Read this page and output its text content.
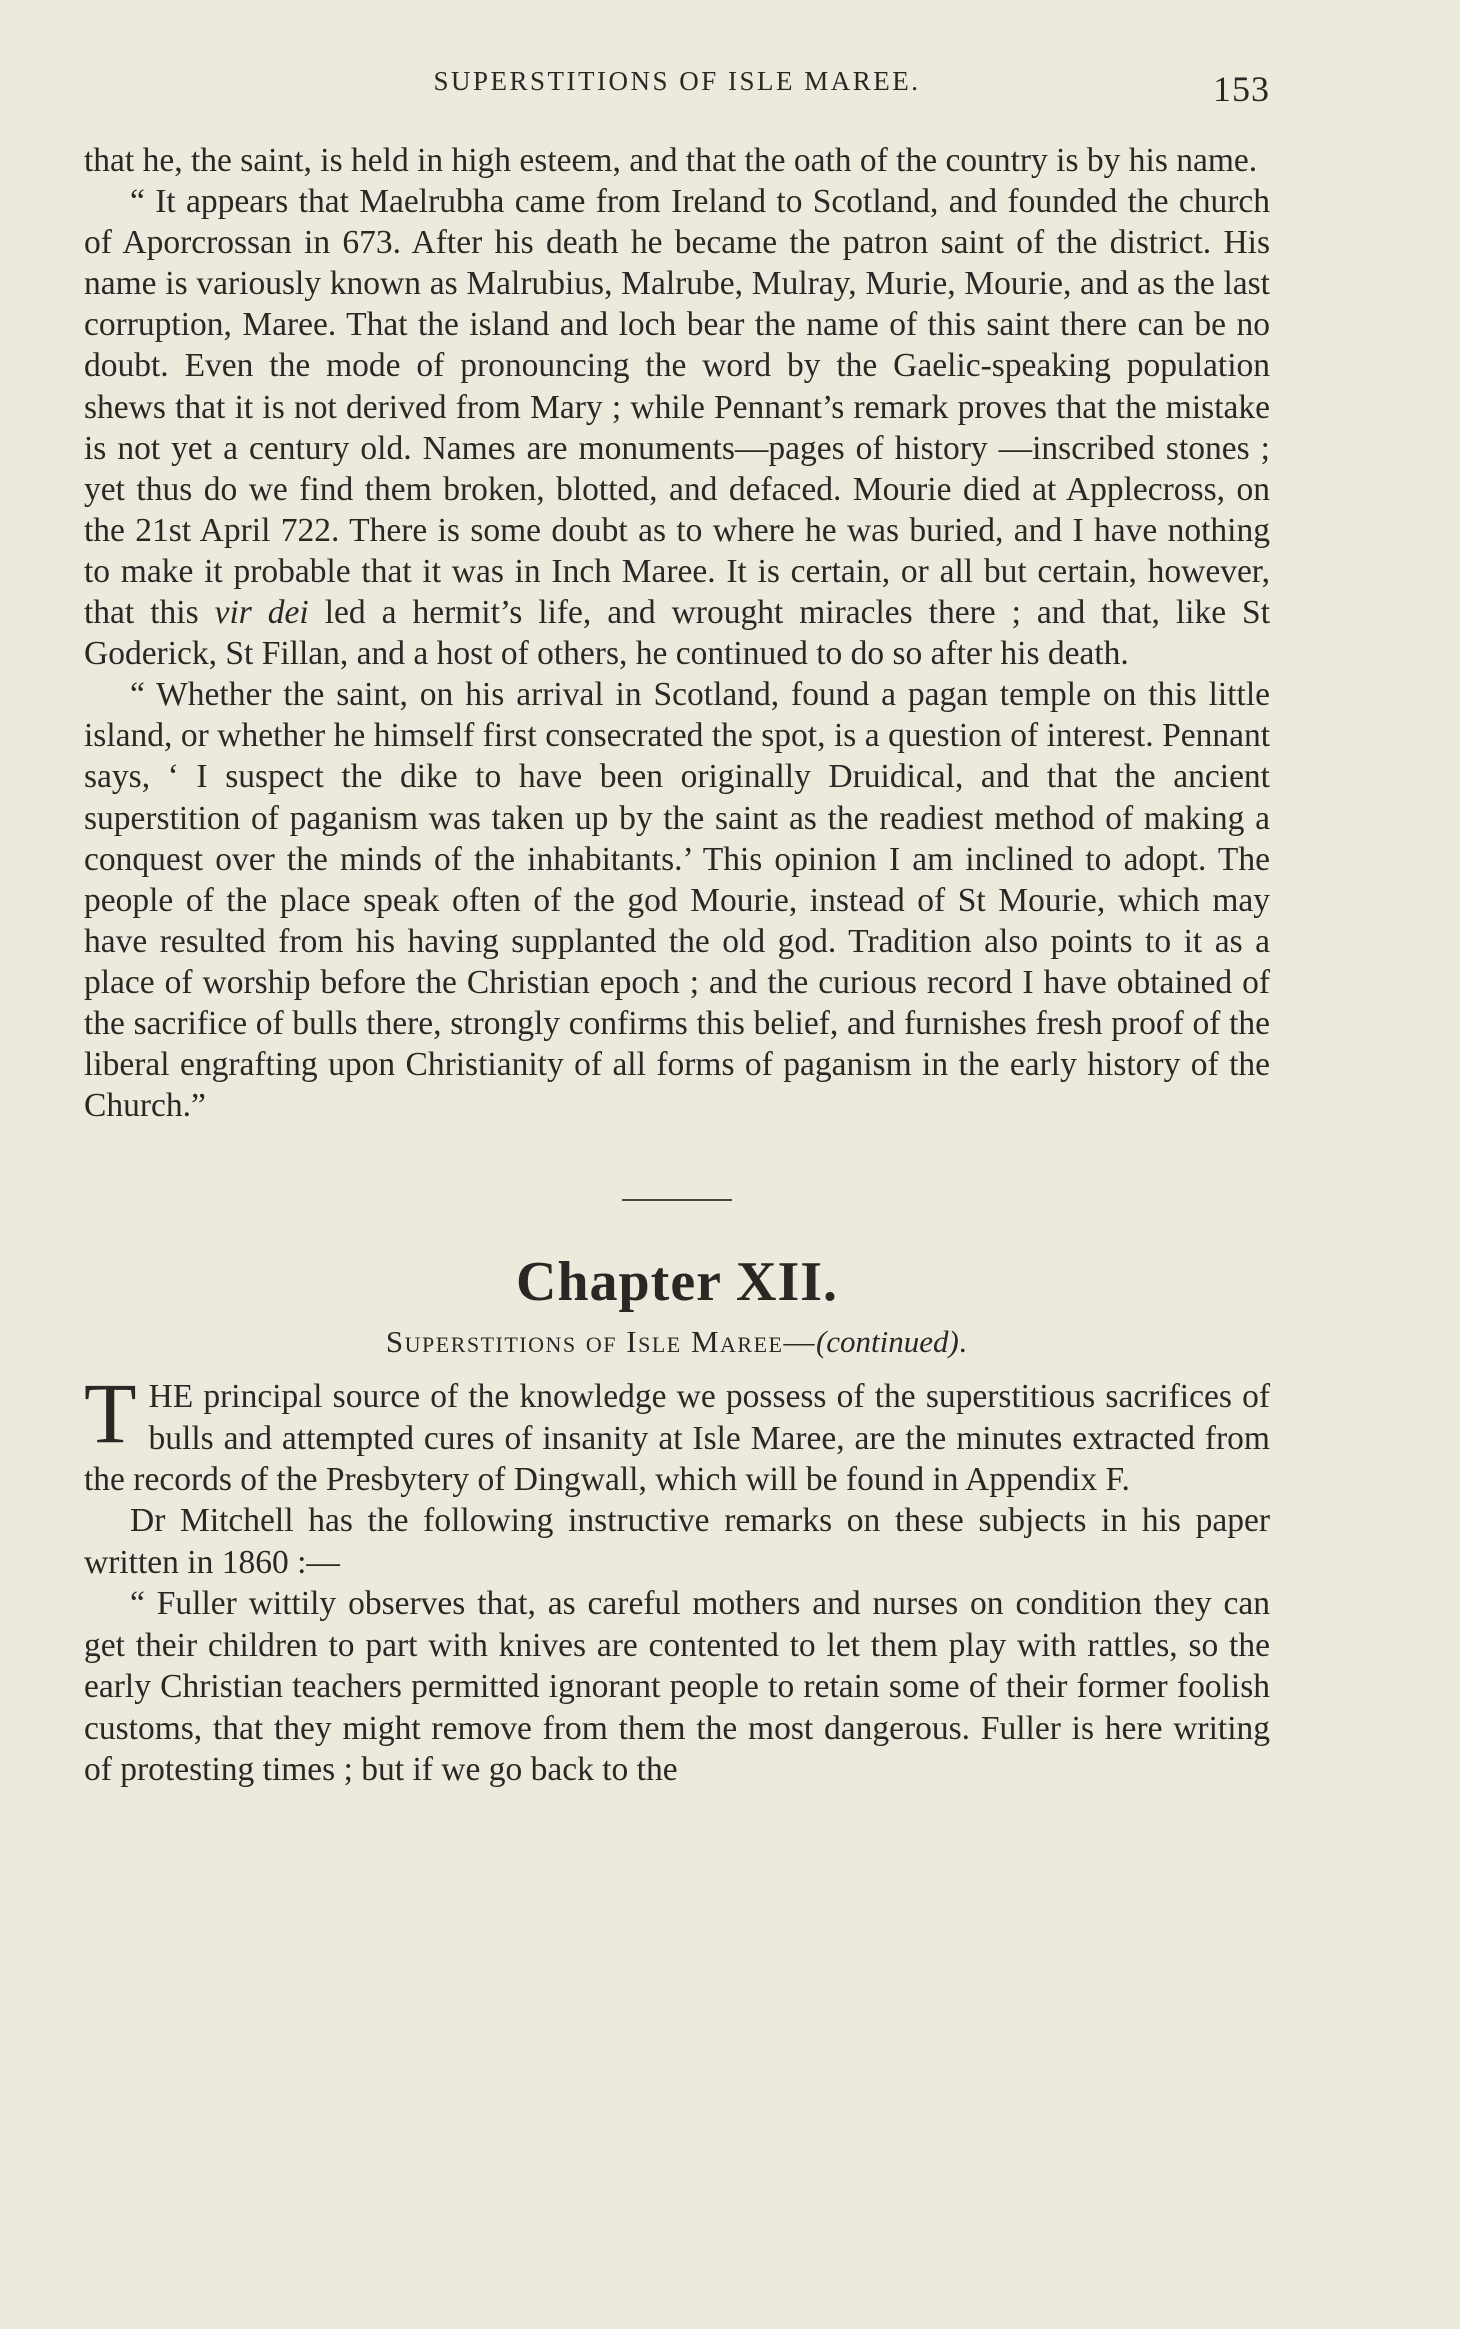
SUPERSTITIONS OF ISLE MAREE.	153

that he, the saint, is held in high esteem, and that the oath of the country is by his name.

“ It appears that Maelrubha came from Ireland to Scotland, and founded the church of Aporcrossan in 673. After his death he became the patron saint of the district. His name is variously known as Malrubius, Malrube, Mulray, Murie, Mourie, and as the last corruption, Maree. That the island and loch bear the name of this saint there can be no doubt. Even the mode of pronouncing the word by the Gaelic-speaking population shews that it is not derived from Mary ; while Pennant’s remark proves that the mistake is not yet a century old. Names are monuments—pages of history —inscribed stones ; yet thus do we find them broken, blotted, and defaced. Mourie died at Applecross, on the 21st April 722. There is some doubt as to where he was buried, and I have nothing to make it probable that it was in Inch Maree. It is certain, or all but certain, however, that this vir dei led a hermit’s life, and wrought miracles there ; and that, like St Goderick, St Fillan, and a host of others, he continued to do so after his death.

“ Whether the saint, on his arrival in Scotland, found a pagan temple on this little island, or whether he himself first consecrated the spot, is a question of interest. Pennant says, ‘ I suspect the dike to have been originally Druidical, and that the ancient superstition of paganism was taken up by the saint as the readiest method of making a conquest over the minds of the inhabitants.’ This opinion I am inclined to adopt. The people of the place speak often of the god Mourie, instead of St Mourie, which may have resulted from his having supplanted the old god. Tradition also points to it as a place of worship before the Christian epoch ; and the curious record I have obtained of the sacrifice of bulls there, strongly confirms this belief, and furnishes fresh proof of the liberal engrafting upon Christianity of all forms of paganism in the early history of the Church.”

Chapter XII.
Superstitions of Isle Maree—(continued).

THE principal source of the knowledge we possess of the superstitious sacrifices of bulls and attempted cures of insanity at Isle Maree, are the minutes extracted from the records of the Presbytery of Dingwall, which will be found in Appendix F.

Dr Mitchell has the following instructive remarks on these subjects in his paper written in 1860 :—

“ Fuller wittily observes that, as careful mothers and nurses on condition they can get their children to part with knives are contented to let them play with rattles, so the early Christian teachers permitted ignorant people to retain some of their former foolish customs, that they might remove from them the most dangerous. Fuller is here writing of protesting times ; but if we go back to the
